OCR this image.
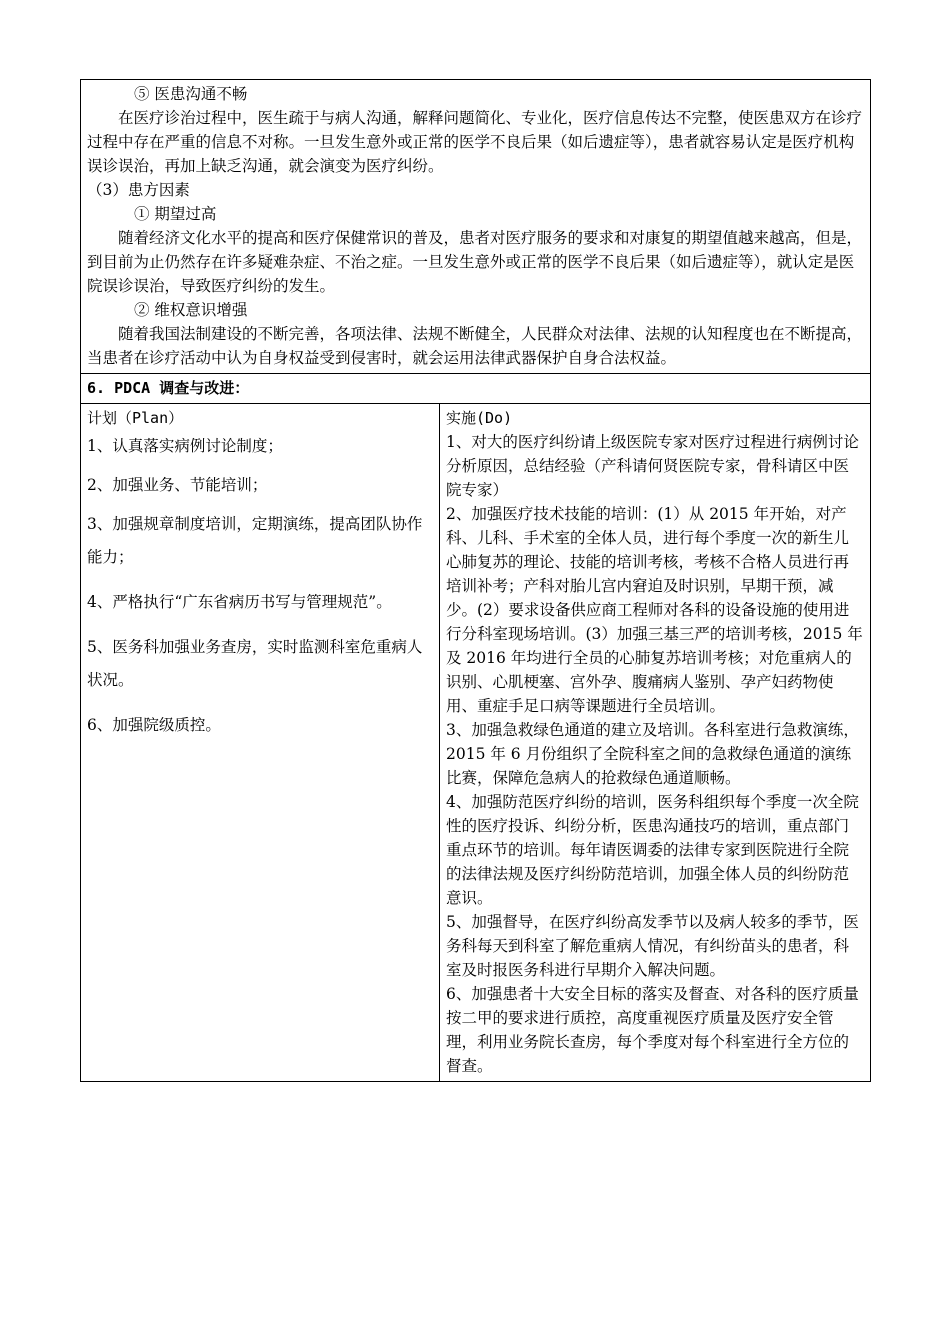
⑤ 医患沟通不畅

在医疗诊治过程中，医生疏于与病人沟通，解释问题简化、专业化，医疗信息传达不完整，使医患双方在诊疗过程中存在严重的信息不对称。一旦发生意外或正常的医学不良后果（如后遗症等），患者就容易认定是医疗机构误诊误治，再加上缺乏沟通，就会演变为医疗纠纷。

（3）患方因素

① 期望过高

随着经济文化水平的提高和医疗保健常识的普及，患者对医疗服务的要求和对康复的期望值越来越高，但是，到目前为止仍然存在许多疑难杂症、不治之症。一旦发生意外或正常的医学不良后果（如后遗症等），就认定是医院误诊误治，导致医疗纠纷的发生。

② 维权意识增强

随着我国法制建设的不断完善，各项法律、法规不断健全，人民群众对法律、法规的认知程度也在不断提高，当患者在诊疗活动中认为自身权益受到侵害时，就会运用法律武器保护自身合法权益。

6. PDCA 调查与改进：

计划（Plan）

1、认真落实病例讨论制度；

2、加强业务、节能培训；

3、加强规章制度培训，定期演练，提高团队协作能力；

4、严格执行“广东省病历书写与管理规范”。

5、医务科加强业务查房，实时监测科室危重病人状况。

6、加强院级质控。

实施(Do)

1、对大的医疗纠纷请上级医院专家对医疗过程进行病例讨论分析原因，总结经验（产科请何贤医院专家，骨科请区中医院专家）

2、加强医疗技术技能的培训：(1）从 2015 年开始，对产科、儿科、手术室的全体人员，进行每个季度一次的新生儿心肺复苏的理论、技能的培训考核，考核不合格人员进行再培训补考；产科对胎儿宫内窘迫及时识别，早期干预，减少。(2）要求设备供应商工程师对各科的设备设施的使用进行分科室现场培训。(3）加强三基三严的培训考核，2015 年及 2016 年均进行全员的心肺复苏培训考核；对危重病人的识别、心肌梗塞、宫外孕、腹痛病人鉴别、孕产妇药物使用、重症手足口病等课题进行全员培训。

3、加强急救绿色通道的建立及培训。各科室进行急救演练，2015 年 6 月份组织了全院科室之间的急救绿色通道的演练比赛，保障危急病人的抢救绿色通道顺畅。

4、加强防范医疗纠纷的培训，医务科组织每个季度一次全院性的医疗投诉、纠纷分析，医患沟通技巧的培训，重点部门重点环节的培训。每年请医调委的法律专家到医院进行全院的法律法规及医疗纠纷防范培训，加强全体人员的纠纷防范意识。

5、加强督导，在医疗纠纷高发季节以及病人较多的季节，医务科每天到科室了解危重病人情况，有纠纷苗头的患者，科室及时报医务科进行早期介入解决问题。

6、加强患者十大安全目标的落实及督查、对各科的医疗质量按二甲的要求进行质控，高度重视医疗质量及医疗安全管理，利用业务院长查房，每个季度对每个科室进行全方位的督查。
